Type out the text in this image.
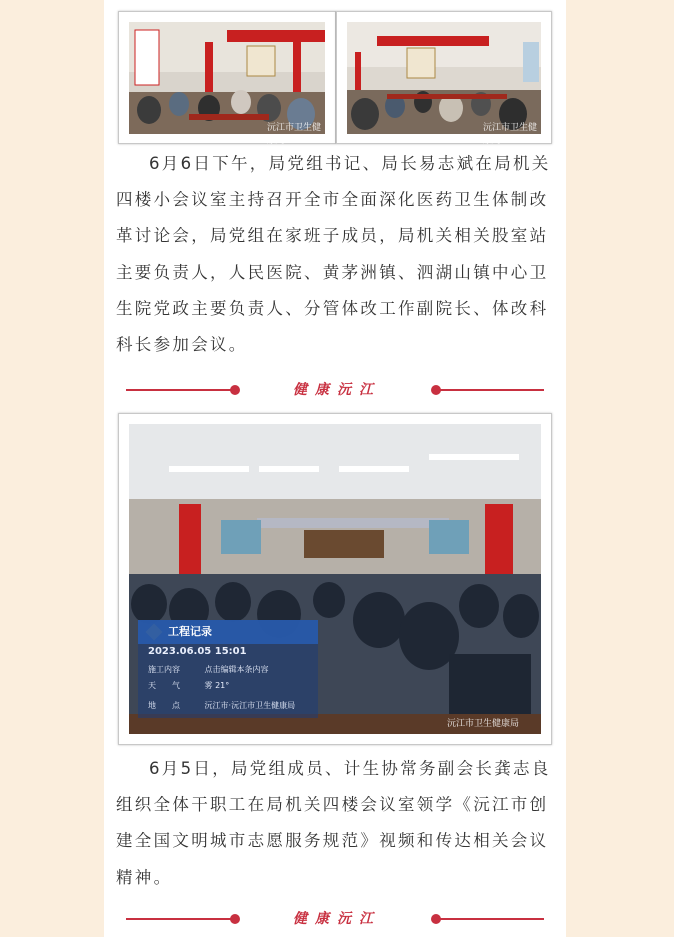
沅江市卫生健康局
沅江市卫生健康局
6月6日下午，局党组书记、局长易志斌在局机关四楼小会议室主持召开全市全面深化医药卫生体制改革讨论会，局党组在家班子成员，局机关相关股室站主要负责人，人民医院、黄茅洲镇、泗湖山镇中心卫生院党政主要负责人、分管体改工作副院长、体改科科长参加会议。
健康沅江
沅江市卫生健康局
工程记录
2023.06.05 15:01
施工内容	点击编辑本条内容
天　　气	雾 21°
地　　点	沅江市·沅江市卫生健康局
6月5日，局党组成员、计生协常务副会长龚志良组织全体干职工在局机关四楼会议室领学《沅江市创建全国文明城市志愿服务规范》视频和传达相关会议精神。
健康沅江
